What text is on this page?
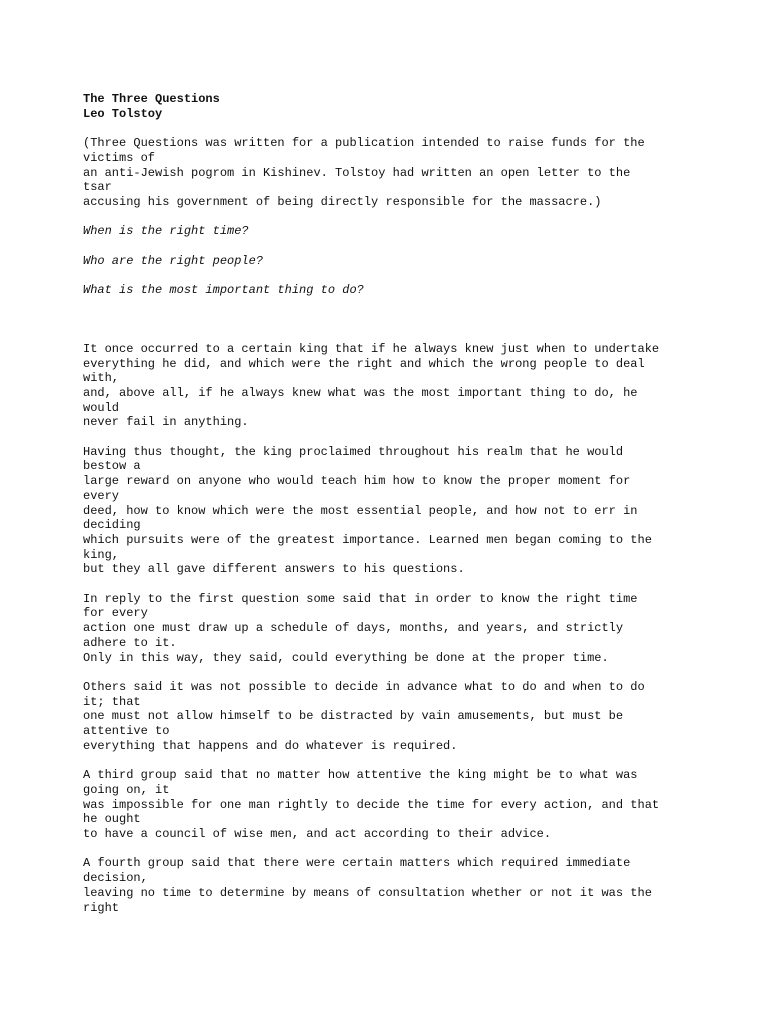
The Three Questions
Leo Tolstoy
(Three Questions was written for a publication intended to raise funds for the
victims of
an anti-Jewish pogrom in Kishinev. Tolstoy had written an open letter to the
tsar
accusing his government of being directly responsible for the massacre.)
When is the right time?
Who are the right people?
What is the most important thing to do?
It once occurred to a certain king that if he always knew just when to undertake
everything he did, and which were the right and which the wrong people to deal
with,
and, above all, if he always knew what was the most important thing to do, he
would
never fail in anything.
Having thus thought, the king proclaimed throughout his realm that he would
bestow a
large reward on anyone who would teach him how to know the proper moment for
every
deed, how to know which were the most essential people, and how not to err in
deciding
which pursuits were of the greatest importance. Learned men began coming to the
king,
but they all gave different answers to his questions.
In reply to the first question some said that in order to know the right time
for every
action one must draw up a schedule of days, months, and years, and strictly
adhere to it.
Only in this way, they said, could everything be done at the proper time.
Others said it was not possible to decide in advance what to do and when to do
it; that
one must not allow himself to be distracted by vain amusements, but must be
attentive to
everything that happens and do whatever is required.
A third group said that no matter how attentive the king might be to what was
going on, it
was impossible for one man rightly to decide the time for every action, and that
he ought
to have a council of wise men, and act according to their advice.
A fourth group said that there were certain matters which required immediate
decision,
leaving no time to determine by means of consultation whether or not it was the
right
